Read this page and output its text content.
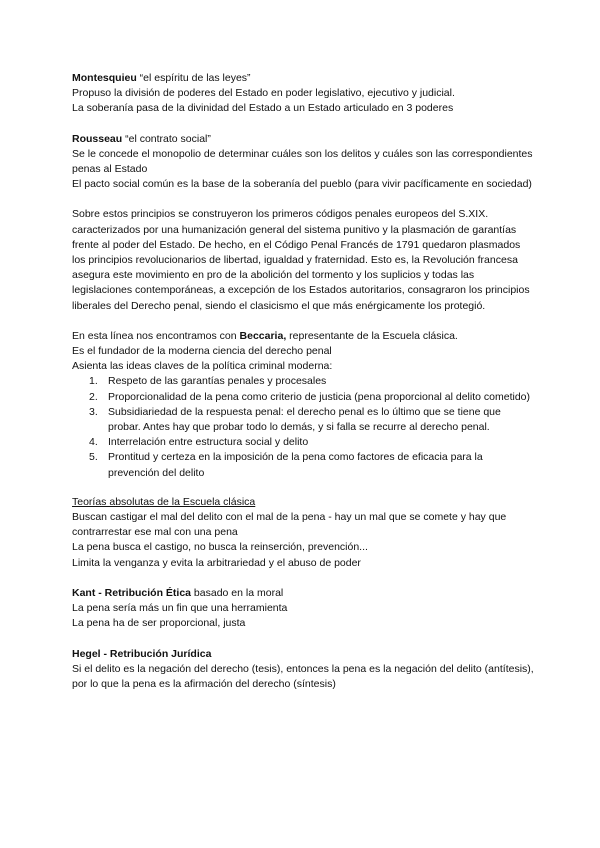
Montesquieu “el espíritu de las leyes”

Propuso la división de poderes del Estado en poder legislativo, ejecutivo y judicial.

La soberanía pasa de la divinidad del Estado a un Estado articulado en 3 poderes

Rousseau “el contrato social”

Se le concede el monopolio de determinar cuáles son los delitos y cuáles son las correspondientes penas al Estado

El pacto social común es la base de la soberanía del pueblo (para vivir pacíficamente en sociedad)

Sobre estos principios se construyeron los primeros códigos penales europeos del S.XIX. caracterizados por una humanización general del sistema punitivo y la plasmación de garantías frente al poder del Estado. De hecho, en el Código Penal Francés de 1791 quedaron plasmados los principios revolucionarios de libertad, igualdad y fraternidad. Esto es, la Revolución francesa asegura este movimiento en pro de la abolición del tormento y los suplicios y todas las legislaciones contemporáneas, a excepción de los Estados autoritarios, consagraron los principios liberales del Derecho penal, siendo el clasicismo el que más enérgicamente los protegió.

En esta línea nos encontramos con Beccaria, representante de la Escuela clásica.

Es el fundador de la moderna ciencia del derecho penal

Asienta las ideas claves de la política criminal moderna:

1. Respeto de las garantías penales y procesales
2. Proporcionalidad de la pena como criterio de justicia (pena proporcional al delito cometido)
3. Subsidiariedad de la respuesta penal: el derecho penal es lo último que se tiene que probar. Antes hay que probar todo lo demás, y si falla se recurre al derecho penal.
4. Interrelación entre estructura social y delito
5. Prontitud y certeza en la imposición de la pena como factores de eficacia para la prevención del delito

Teorías absolutas de la Escuela clásica

Buscan castigar el mal del delito con el mal de la pena - hay un mal que se comete y hay que contrarrestar ese mal con una pena

La pena busca el castigo, no busca la reinserción, prevención...

Limita la venganza y evita la arbitrariedad y el abuso de poder

Kant - Retribución Ética basado en la moral

La pena sería más un fin que una herramienta

La pena ha de ser proporcional, justa

Hegel - Retribución Jurídica

Si el delito es la negación del derecho (tesis), entonces la pena es la negación del delito (antítesis), por lo que la pena es la afirmación del derecho (síntesis)
